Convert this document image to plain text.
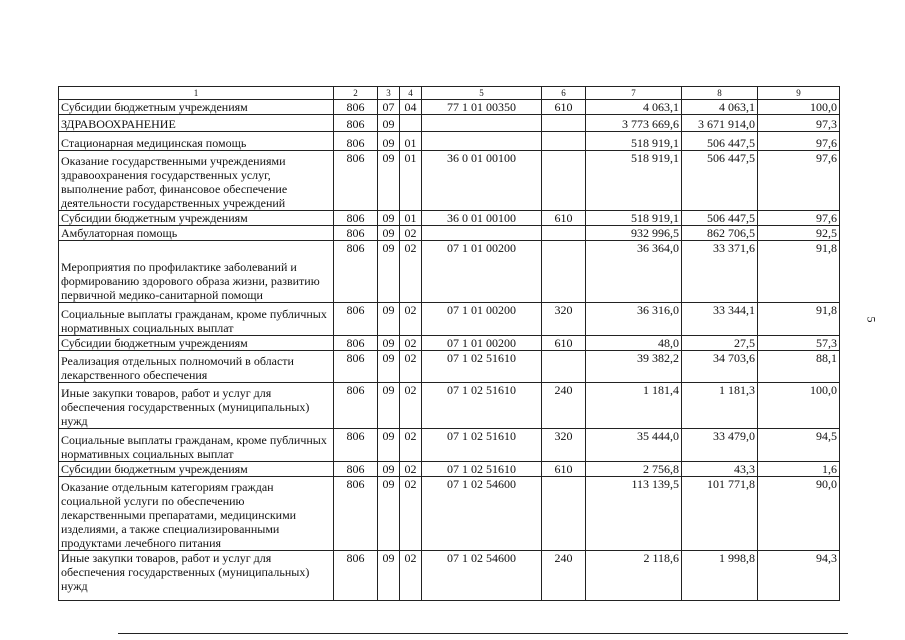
5
1	2	3	4	5	6	7	8	9
Субсидии бюджетным учреждениям	806	07	04	77 1 01 00350	610	4 063,1	4 063,1	100,0
ЗДРАВООХРАНЕНИЕ	806	09				3 773 669,6	3 671 914,0	97,3
Стационарная медицинская помощь	806	09	01			518 919,1	506 447,5	97,6
Оказание государственными учреждениями здравоохранения государственных услуг, выполнение работ, финансовое обеспечение деятельности государственных учреждений	806	09	01	36 0 01 00100		518 919,1	506 447,5	97,6
Субсидии бюджетным учреждениям	806	09	01	36 0 01 00100	610	518 919,1	506 447,5	97,6
Амбулаторная помощь	806	09	02			932 996,5	862 706,5	92,5
Мероприятия по профилактике заболеваний и формированию здорового образа жизни, развитию первичной медико-санитарной помощи	806	09	02	07 1 01 00200		36 364,0	33 371,6	91,8
Социальные выплаты гражданам, кроме публичных нормативных социальных выплат	806	09	02	07 1 01 00200	320	36 316,0	33 344,1	91,8
Субсидии бюджетным учреждениям	806	09	02	07 1 01 00200	610	48,0	27,5	57,3
Реализация отдельных полномочий в области лекарственного обеспечения	806	09	02	07 1 02 51610		39 382,2	34 703,6	88,1
Иные закупки товаров, работ и услуг для обеспечения государственных (муниципальных) нужд	806	09	02	07 1 02 51610	240	1 181,4	1 181,3	100,0
Социальные выплаты гражданам, кроме публичных нормативных социальных выплат	806	09	02	07 1 02 51610	320	35 444,0	33 479,0	94,5
Субсидии бюджетным учреждениям	806	09	02	07 1 02 51610	610	2 756,8	43,3	1,6
Оказание отдельным категориям граждан социальной услуги по обеспечению лекарственными препаратами, медицинскими изделиями, а также специализированными продуктами лечебного питания	806	09	02	07 1 02 54600		113 139,5	101 771,8	90,0
Иные закупки товаров, работ и услуг для обеспечения государственных (муниципальных) нужд	806	09	02	07 1 02 54600	240	2 118,6	1 998,8	94,3
